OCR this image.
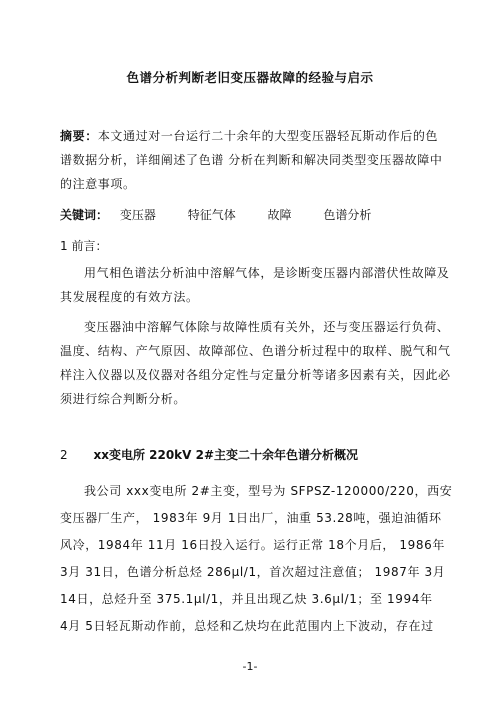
色谱分析判断老旧变压器故障的经验与启示
摘要：本文通过对一台运行二十余年的大型变压器轻瓦斯动作后的色
谱数据分析，详细阐述了色谱 分析在判断和解决同类型变压器故障中
的注意事项。
关键词： 变压器	特征气体	故障	色谱分析
1 前言：
用气相色谱法分析油中溶解气体，是诊断变压器内部潜伏性故障及
其发展程度的有效方法。
变压器油中溶解气体除与故障性质有关外，还与变压器运行负荷、
温度、结构、产气原因、故障部位、色谱分析过程中的取样、脱气和气
样注入仪器以及仪器对各组分定性与定量分析等诸多因素有关，因此必
须进行综合判断分析。
2 xx变电所 220kV 2#主变二十余年色谱分析概况
我公司 xxx变电所 2#主变，型号为 SFPSZ-120000/220，西安
变压器厂生产， 1983年 9月 1日出厂，油重 53.28吨，强迫油循环
风冷，1984年 11月 16日投入运行。运行正常 18个月后， 1986年
3月 31日，色谱分析总烃 286μl/1，首次超过注意值； 1987年 3月
14日，总烃升至 375.1μl/1，并且出现乙炔 3.6μl/1；至 1994年
4月 5日轻瓦斯动作前，总烃和乙炔均在此范围内上下波动，存在过
-1-
